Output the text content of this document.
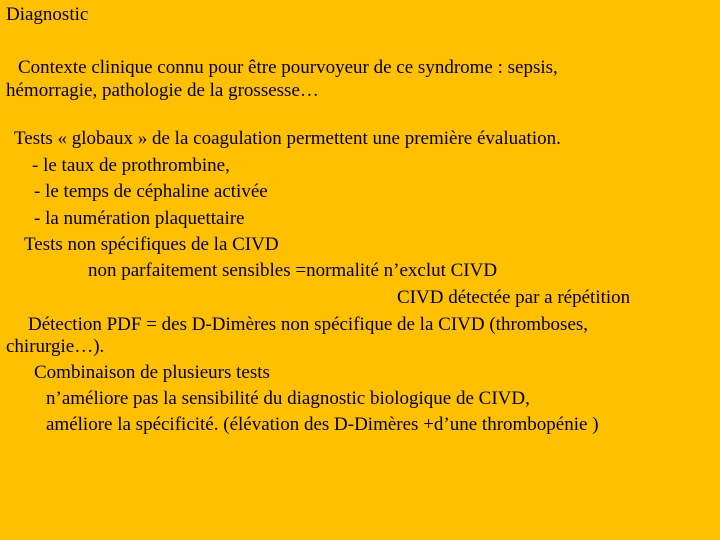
Diagnostic
Contexte clinique connu pour être pourvoyeur de ce syndrome : sepsis,
hémorragie, pathologie de la grossesse…
Tests « globaux » de la coagulation permettent une première évaluation.
- le taux de prothrombine,
- le temps de céphaline activée
- la numération plaquettaire
Tests non spécifiques de la CIVD
non parfaitement sensibles =normalité n’exclut CIVD
CIVD détectée par a répétition
Détection PDF = des D-Dimères non spécifique de la CIVD (thromboses,
chirurgie…).
Combinaison de plusieurs tests
n’améliore pas la sensibilité du diagnostic biologique de CIVD,
améliore la spécificité. (élévation des D-Dimères +d’une thrombopénie )
